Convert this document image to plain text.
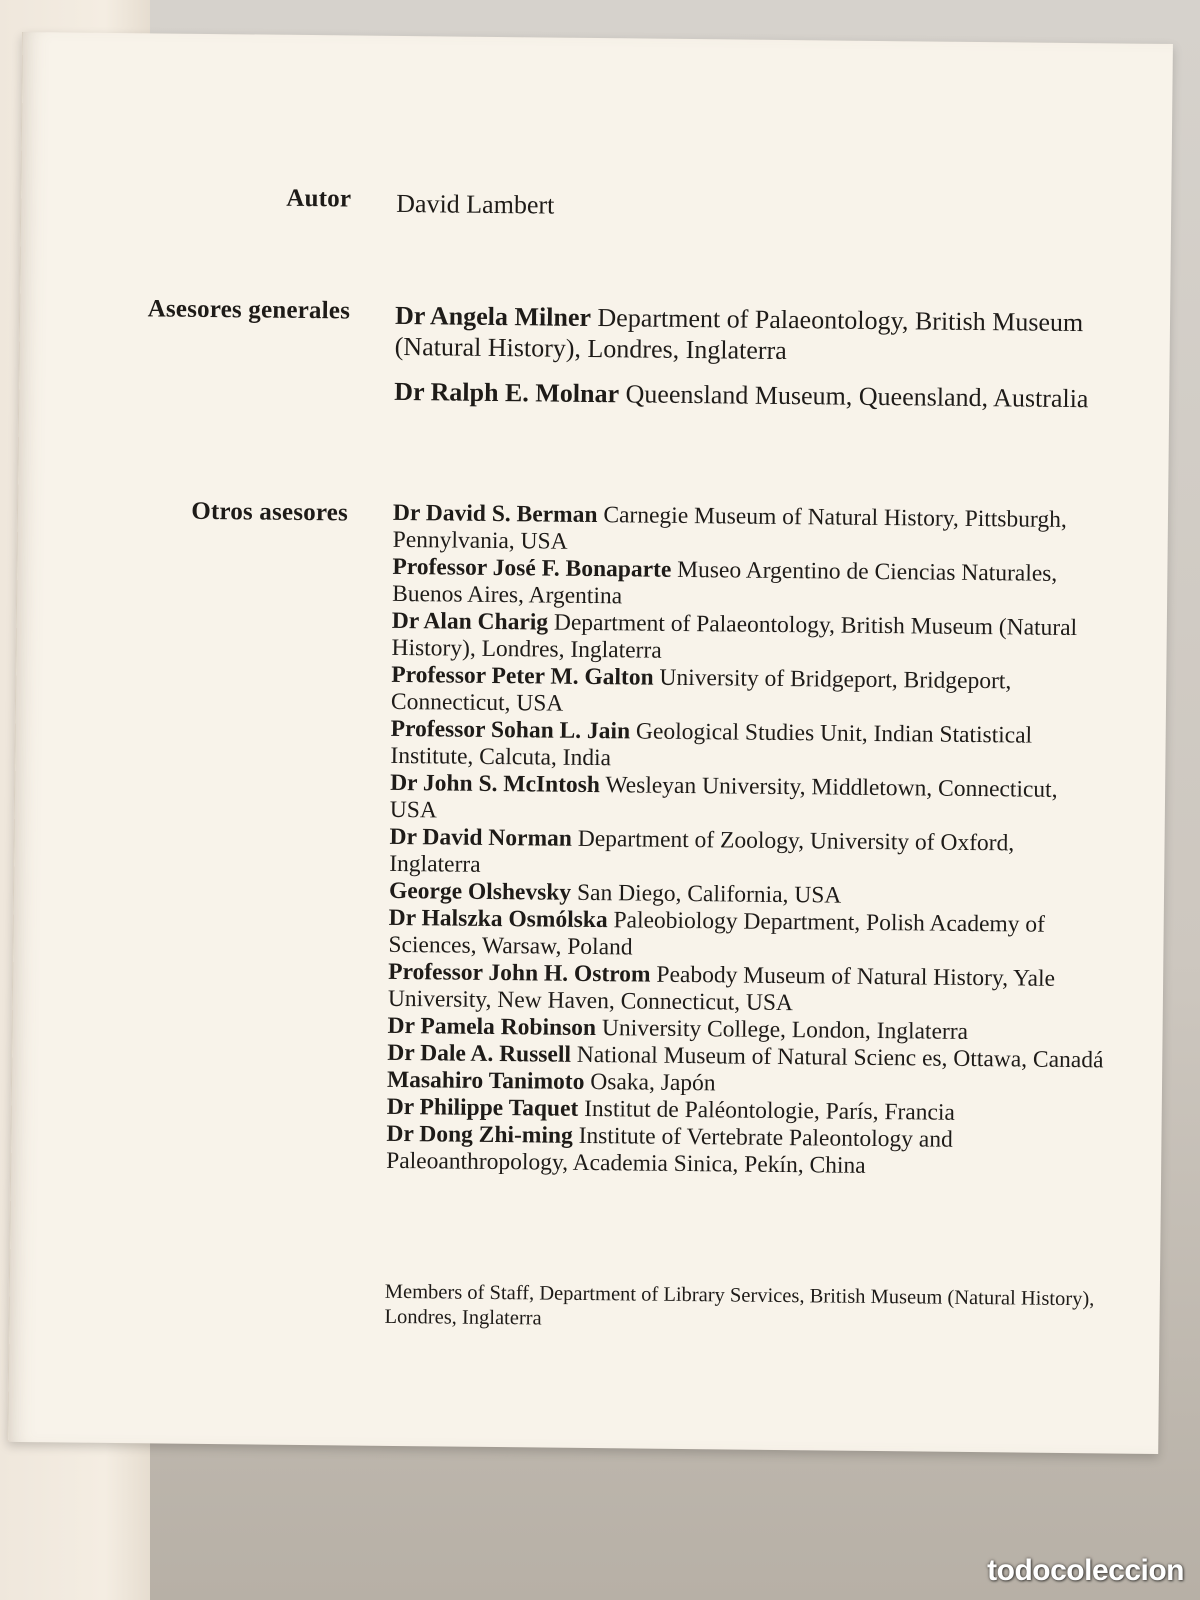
Autor David Lambert
Asesores generales Dr Angela Milner Department of Palaeontology, British Museum (Natural History), Londres, Inglaterra

Dr Ralph E. Molnar Queensland Museum, Queensland, Australia

Otros asesores Dr David S. Berman Carnegie Museum of Natural History, Pittsburgh, Pennylvania, USA

Professor José F. Bonaparte Museo Argentino de Ciencias Naturales, Buenos Aires, Argentina

Dr Alan Charig Department of Palaeontology, British Museum (Natural History), Londres, Inglaterra

Professor Peter M. Galton University of Bridgeport, Bridgeport, Connecticut, USA

Professor Sohan L. Jain Geological Studies Unit, Indian Statistical Institute, Calcuta, India

Dr John S. McIntosh Wesleyan University, Middletown, Connecticut, USA

Dr David Norman Department of Zoology, University of Oxford, Inglaterra

George Olshevsky San Diego, California, USA

Dr Halszka Osmólska Paleobiology Department, Polish Academy of Sciences, Warsaw, Poland

Professor John H. Ostrom Peabody Museum of Natural History, Yale University, New Haven, Connecticut, USA

Dr Pamela Robinson University College, London, Inglaterra

Dr Dale A. Russell National Museum of Natural Scienc es, Ottawa, Canadá

Masahiro Tanimoto Osaka, Japón

Dr Philippe Taquet Institut de Paléontologie, París, Francia

Dr Dong Zhi-ming Institute of Vertebrate Paleontology and Paleoanthropology, Academia Sinica, Pekín, China

Members of Staff, Department of Library Services, British Museum (Natural History), Londres, Inglaterra
todocoleccion
